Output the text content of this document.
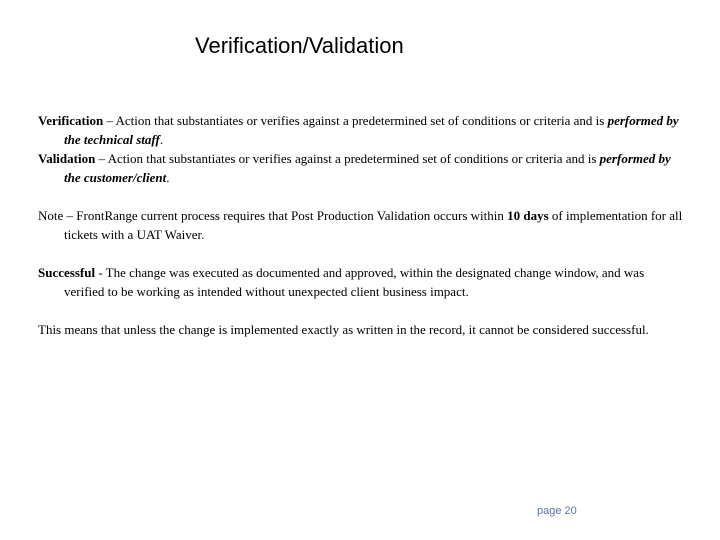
Verification/Validation

Verification – Action that substantiates or verifies against a predetermined set of conditions or criteria and is performed by the technical staff.

Validation – Action that substantiates or verifies against a predetermined set of conditions or criteria and is performed by the customer/client.

Note – FrontRange current process requires that Post Production Validation occurs within 10 days of implementation for all tickets with a UAT Waiver.

Successful - The change was executed as documented and approved, within the designated change window, and was verified to be working as intended without unexpected client business impact.

This means that unless the change is implemented exactly as written in the record, it cannot be considered successful.

page 20
